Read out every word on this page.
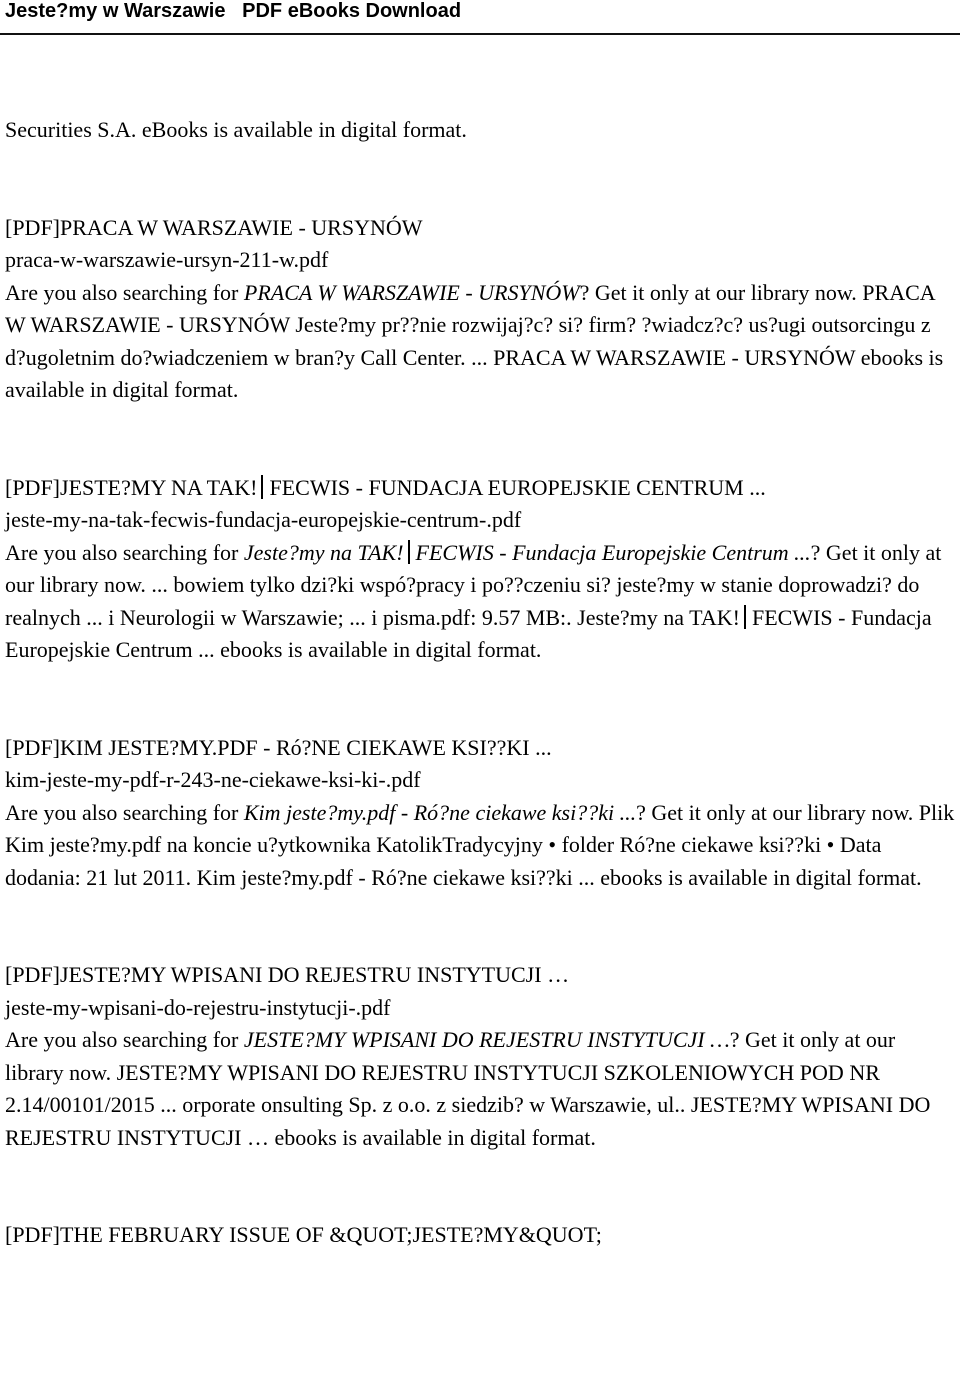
Jeste?my w Warszawie   PDF eBooks Download

Securities S.A. eBooks is available in digital format.

[PDF]PRACA W WARSZAWIE - URSYNÓW

praca-w-warszawie-ursyn-211-w.pdf

Are you also searching for PRACA W WARSZAWIE - URSYNÓW? Get it only at our library now. PRACA W WARSZAWIE - URSYNÓW Jeste?my pr??nie rozwijaj?c? si? firm? ?wiadcz?c? us?ugi outsorcingu z d?ugoletnim do?wiadczeniem w bran?y Call Center. ... PRACA W WARSZAWIE - URSYNÓW ebooks is available in digital format.

[PDF]JESTE?MY NA TAK! FECWIS - FUNDACJA EUROPEJSKIE CENTRUM ...

jeste-my-na-tak-fecwis-fundacja-europejskie-centrum-.pdf

Are you also searching for Jeste?my na TAK! FECWIS - Fundacja Europejskie Centrum ...? Get it only at our library now. ... bowiem tylko dzi?ki wspó?pracy i po??czeniu si? jeste?my w stanie doprowadzi? do realnych ... i Neurologii w Warszawie; ... i pisma.pdf: 9.57 MB:. Jeste?my na TAK! FECWIS - Fundacja Europejskie Centrum ... ebooks is available in digital format.

[PDF]KIM JESTE?MY.PDF - Ró?NE CIEKAWE KSI??KI ...

kim-jeste-my-pdf-r-243-ne-ciekawe-ksi-ki-.pdf

Are you also searching for Kim jeste?my.pdf - Ró?ne ciekawe ksi??ki ...? Get it only at our library now. Plik Kim jeste?my.pdf na koncie u?ytkownika KatolikTradycyjny • folder Ró?ne ciekawe ksi??ki • Data dodania: 21 lut 2011. Kim jeste?my.pdf - Ró?ne ciekawe ksi??ki ... ebooks is available in digital format.

[PDF]JESTE?MY WPISANI DO REJESTRU INSTYTUCJI …

jeste-my-wpisani-do-rejestru-instytucji-.pdf

Are you also searching for JESTE?MY WPISANI DO REJESTRU INSTYTUCJI …? Get it only at our library now. JESTE?MY WPISANI DO REJESTRU INSTYTUCJI SZKOLENIOWYCH POD NR 2.14/00101/2015 ... orporate onsulting Sp. z o.o. z siedzib? w Warszawie, ul.. JESTE?MY WPISANI DO REJESTRU INSTYTUCJI … ebooks is available in digital format.

[PDF]THE FEBRUARY ISSUE OF &QUOT;JESTE?MY&QUOT;
